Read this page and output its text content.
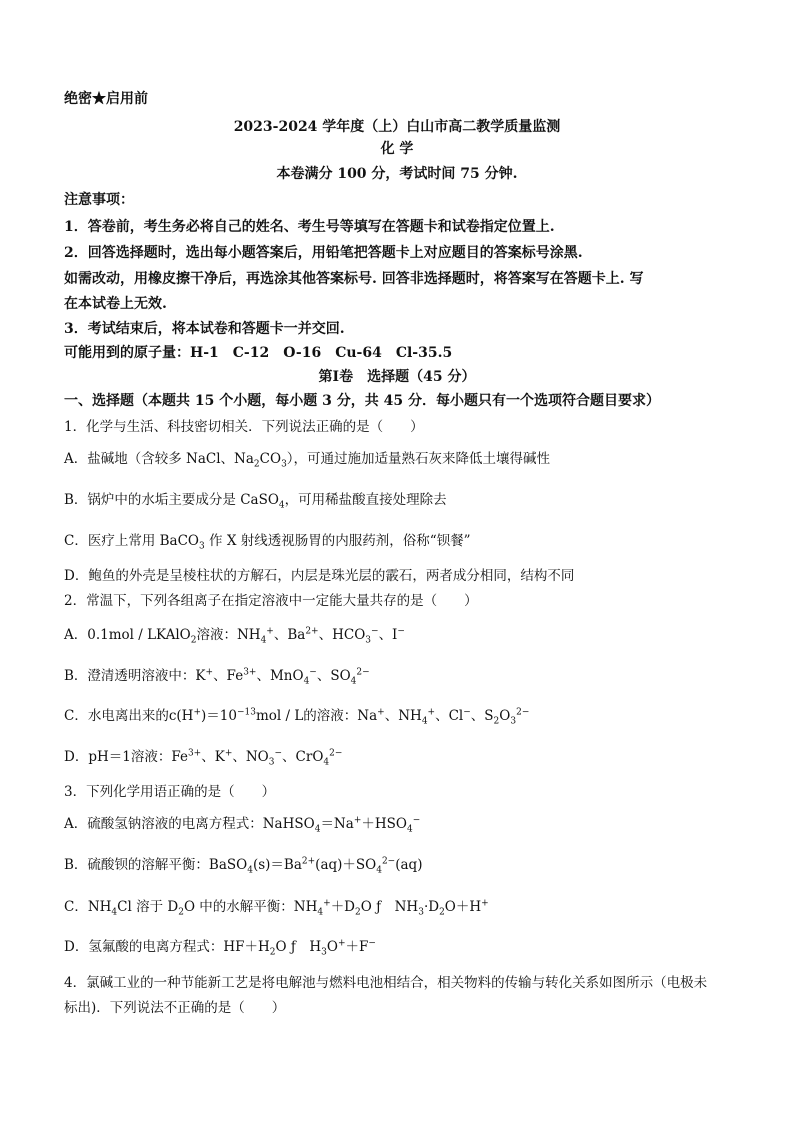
绝密★启用前
2023-2024 学年度（上）白山市高二教学质量监测
化 学
本卷满分 100 分，考试时间 75 分钟.
注意事项：
1．答卷前，考生务必将自己的姓名、考生号等填写在答题卡和试卷指定位置上.
2．回答选择题时，选出每小题答案后，用铅笔把答题卡上对应题目的答案标号涂黑.
如需改动，用橡皮擦干净后，再选涂其他答案标号. 回答非选择题时，将答案写在答题卡上. 写
在本试卷上无效.
3．考试结束后，将本试卷和答题卡一并交回.
可能用到的原子量：H-1　C-12　O-16　Cu-64　Cl-35.5
第Ⅰ卷　选择题（45 分）
一、选择题（本题共 15 个小题，每小题 3 分，共 45 分．每小题只有一个选项符合题目要求）
1．化学与生活、科技密切相关．下列说法正确的是（　　）
A．盐碱地（含较多 NaCl、$Na_2CO_3$），可通过施加适量熟石灰来降低土壤得碱性
B．锅炉中的水垢主要成分是 CaSO$_4$，可用稀盐酸直接处理除去
C．医疗上常用 BaCO$_3$ 作 X 射线透视肠胃的内服药剂，俗称“钡餐”
D．鲍鱼的外壳是呈棱柱状的方解石，内层是珠光层的霰石，两者成分相同，结构不同
2．常温下，下列各组离子在指定溶液中一定能大量共存的是（　　）
A．0.1mol / LKAlO$_2$溶液：$NH_4^+$、$Ba^{2+}$、$HCO_3^-$、I−
B．澄清透明溶液中：K+、$Fe^{3+}$、MnO$_4$−、$SO_4^{2-}$
C．水电离出来的$c(H^+)=10^{-13}mol / L$的溶液：Na+、$NH_4^+$、Cl−、$S_2O_3^{2-}$
D．pH＝1溶液：$Fe^{3+}$、K+、$NO_3^-$、CrO$_4^{2-}$
3．下列化学用语正确的是（　　）
A．硫酸氢钠溶液的电离方程式：$NaHSO_4=Na^++HSO_4^-$
B．硫酸钡的溶解平衡：$BaSO_4(s)=Ba^{2+}(aq)+SO_4^{2-}(aq)$
C．$NH_4Cl$ 溶于 $D_2O$ 中的水解平衡：$NH_4^++D_2O$ ƒ　$NH_3\cdot D_2O+H^+$
D．氢氟酸的电离方程式：$HF+H_2O$ ƒ　$H_3O^++F^-$
4．氯碱工业的一种节能新工艺是将电解池与燃料电池相结合，相关物料的传输与转化关系如图所示（电极未
标出)．下列说法不正确的是（　　）
